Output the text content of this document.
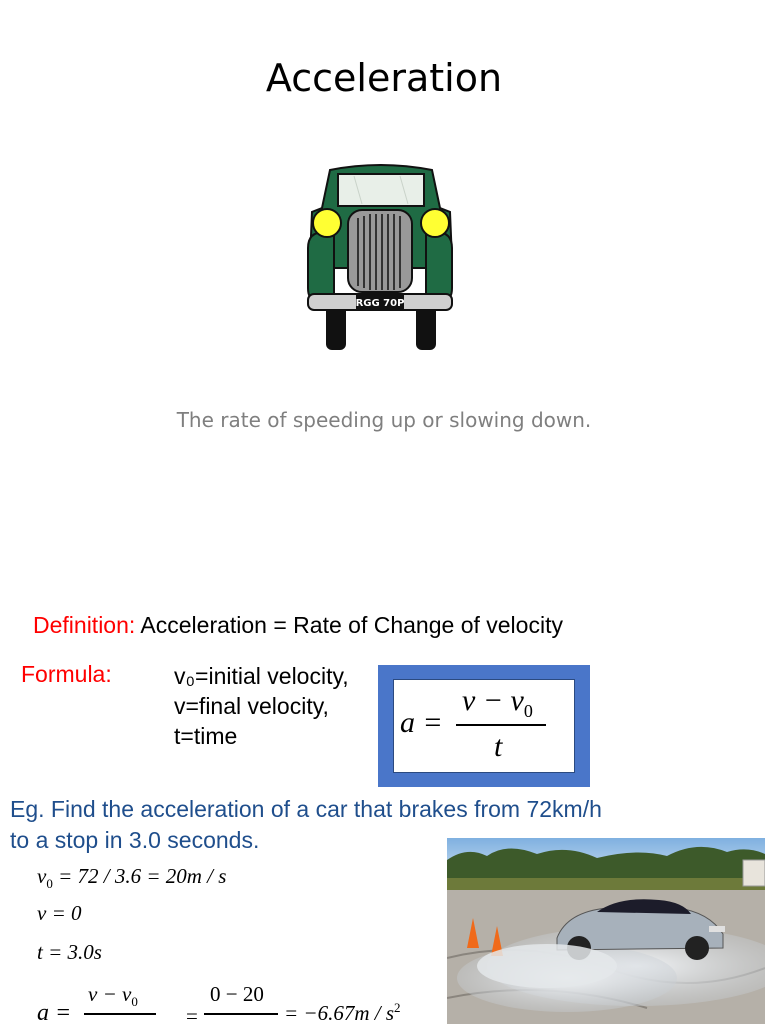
Acceleration
RGG 70P
The rate of speeding up or slowing down.
Definition: Acceleration = Rate of Change of velocity
Formula:	v₀=initial velocity,
v=final velocity,
t=time	a =
$v - v_0$
t
Eg. Find the acceleration of a car that brakes from 72km/h
to a stop in 3.0 seconds.
$v_0 = 72 / 3.6 = 20m / s$
v = 0
t = 3.0s
a =
$v - v_0$
=
0 − 20
= $-6.67m / s^2$
